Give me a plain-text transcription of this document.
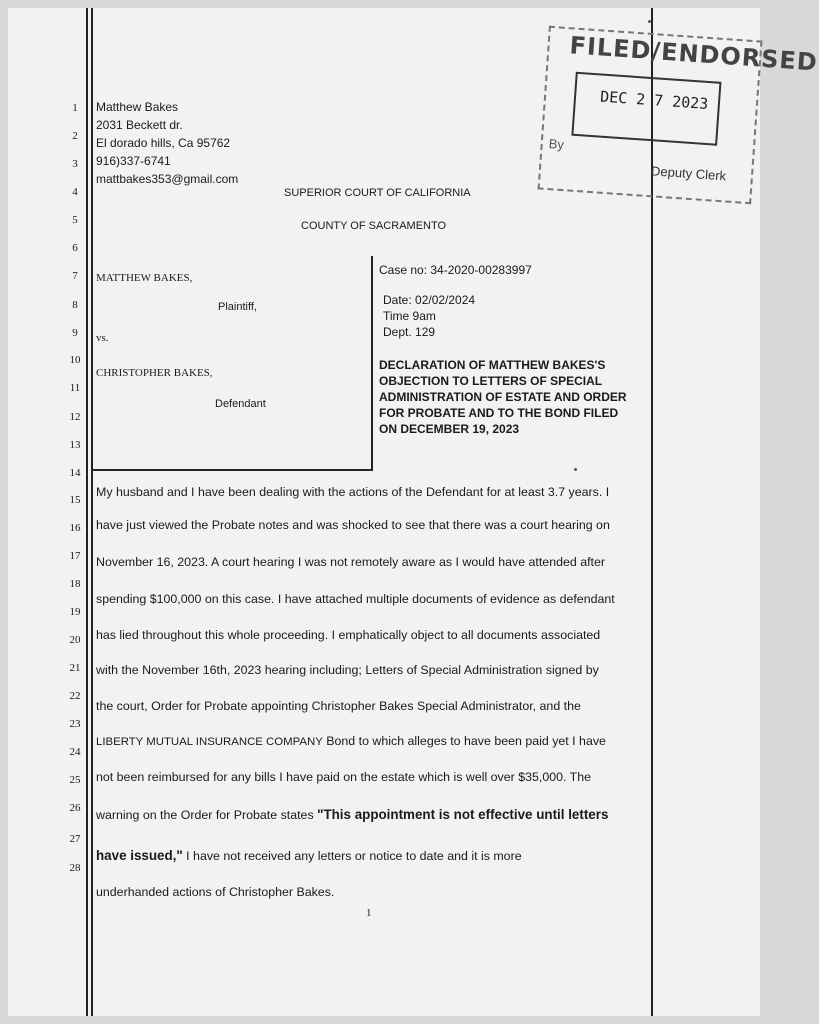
FILED/ENDORSED
DEC 2 7 2023
By
Deputy Clerk
1
2
3
4
5
6
7
8
9
10
11
12
13
14
15
16
17
18
19
20
21
22
23
24
25
26
27
28
Matthew Bakes
2031 Beckett dr.
El dorado hills, Ca 95762
916)337-6741
mattbakes353@gmail.com
SUPERIOR COURT OF CALIFORNIA
COUNTY OF SACRAMENTO
MATTHEW BAKES,
Plaintiff,
vs.
CHRISTOPHER BAKES,
Defendant
Case no: 34-2020-00283997
Date: 02/02/2024
Time 9am
Dept. 129
DECLARATION OF MATTHEW BAKES'S
OBJECTION TO LETTERS OF SPECIAL
ADMINISTRATION OF ESTATE AND ORDER
FOR PROBATE AND TO THE BOND FILED
ON DECEMBER 19, 2023
My husband and I have been dealing with the actions of the Defendant for at least 3.7 years. I
have just viewed the Probate notes and was shocked to see that there was a court hearing on
November 16, 2023. A court hearing I was not remotely aware as I would have attended after
spending $100,000 on this case. I have attached multiple documents of evidence as defendant
has lied throughout this whole proceeding. I emphatically object to all documents associated
with the November 16th, 2023 hearing including; Letters of Special Administration signed by
the court, Order for Probate appointing Christopher Bakes Special Administrator, and the
LIBERTY MUTUAL INSURANCE COMPANY Bond to which alleges to have been paid yet I have
not been reimbursed for any bills I have paid on the estate which is well over $35,000. The
warning on the Order for Probate states "This appointment is not effective until letters
have issued," I have not received any letters or notice to date and it is more
underhanded actions of Christopher Bakes.
1
